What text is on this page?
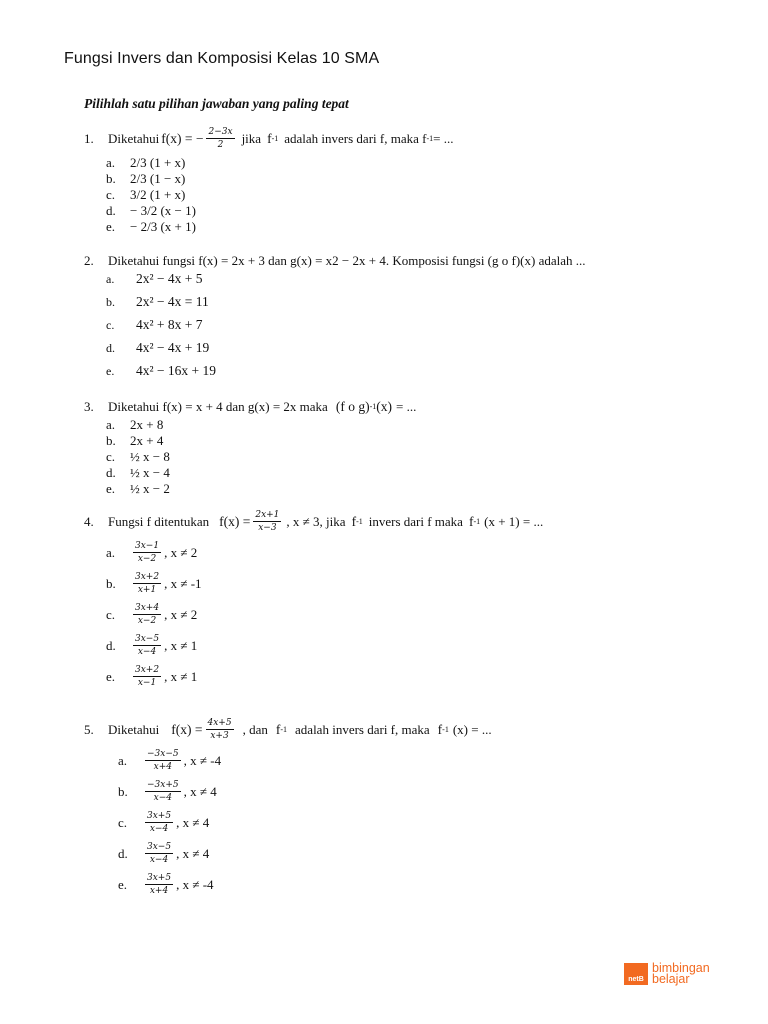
Fungsi Invers dan Komposisi Kelas 10 SMA

Pilihlah satu pilihan jawaban yang paling tepat

1.	Diketahui f(x) = − $\frac{2-3x}{2}$ jika f -1 adalah invers dari f, maka f -1 = ...
a.	2/3 (1 + x)
b.	2/3 (1 − x)
c.	3/2 (1 + x)
d.	− 3/2 (x − 1)
e.	− 2/3 (x + 1)
2.	Diketahui fungsi f(x) = 2x + 3 dan g(x) = x2 − 2x + 4. Komposisi fungsi (g o f)(x) adalah ...
a.	2x² − 4x + 5
b.	2x² − 4x = 11
c.	4x² + 8x + 7
d.	4x² − 4x + 19
e.	4x² − 16x + 19
3.	Diketahui f(x) = x + 4 dan g(x) = 2x maka (f o g) -1 (x) = ...
a.	2x + 8
b.	2x + 4
c.	½ x − 8
d.	½ x − 4
e.	½ x − 2
4.	Fungsi f ditentukan $f(x) = \frac{2x+1}{x-3}$ , x ≠ 3, jika f -1 invers dari f maka f -1 (x + 1) = ...
a.	$\frac{3x-1}{x-2}$ , x ≠ 2
b.	$\frac{3x+2}{x+1}$ , x ≠ -1
c.	$\frac{3x+4}{x-2}$ , x ≠ 2
d.	$\frac{3x-5}{x-4}$ , x ≠ 1
e.	$\frac{3x+2}{x-1}$ , x ≠ 1
5.	Diketahui $f(x) = \frac{4x+5}{x+3}$ , dan f -1 adalah invers dari f, maka f -1 (x) = ...
a.	$\frac{-3x-5}{x+4}$ , x ≠ -4
b.	$\frac{-3x+5}{x-4}$ , x ≠ 4
c.	$\frac{3x+5}{x-4}$ , x ≠ 4
d.	$\frac{3x-5}{x-4}$ , x ≠ 4
e.	$\frac{3x+5}{x+4}$ , x ≠ -4
netB
bimbingan
belajar
